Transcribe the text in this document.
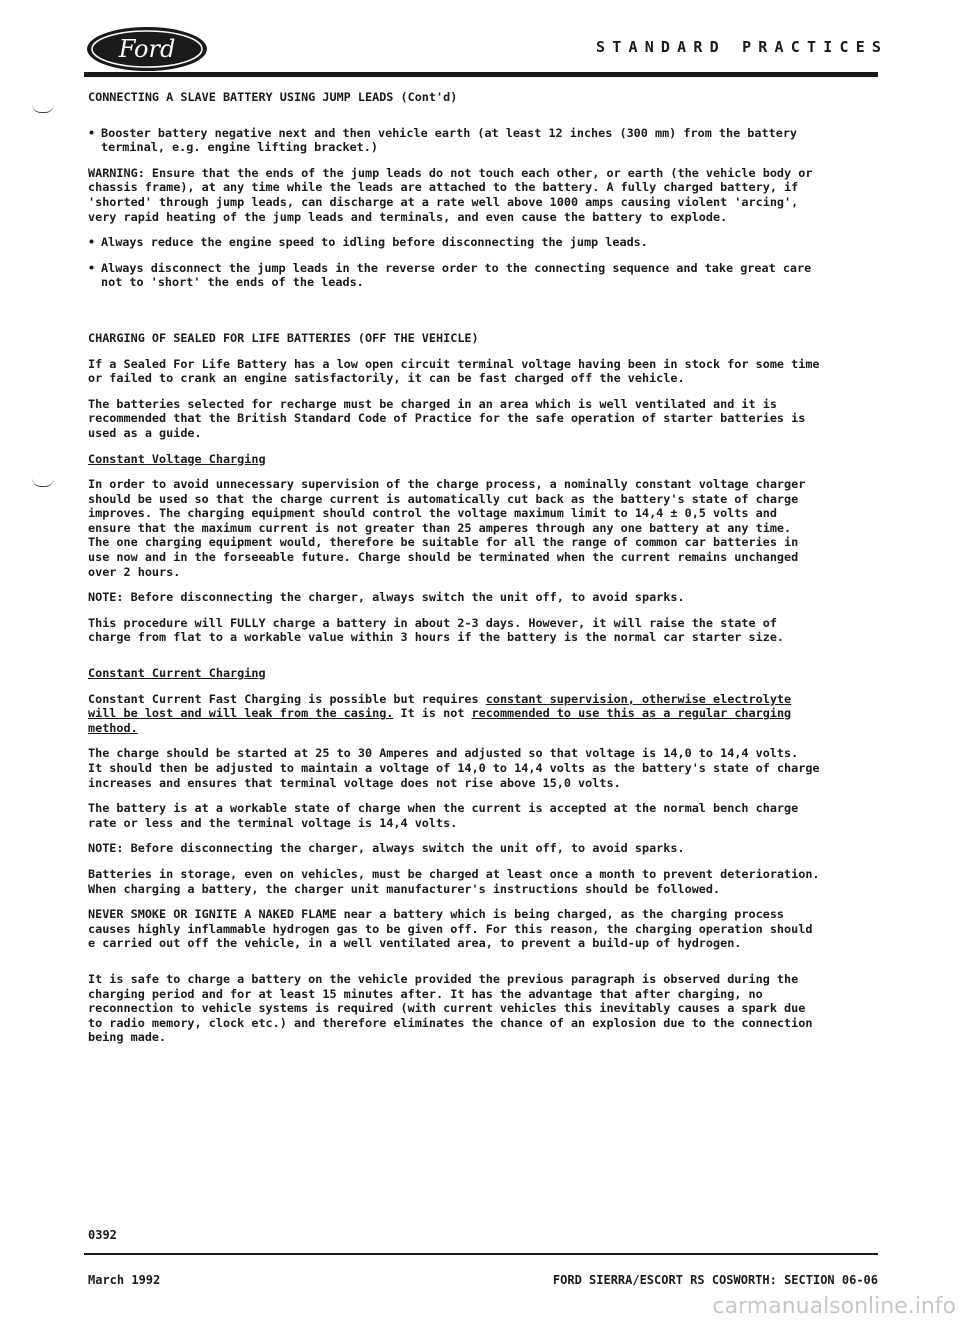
Ford	STANDARD PRACTICES

CONNECTING A SLAVE BATTERY USING JUMP LEADS (Cont'd)

• Booster battery negative next and then vehicle earth (at least 12 inches (300 mm) from the battery
terminal, e.g. engine lifting bracket.)

WARNING: Ensure that the ends of the jump leads do not touch each other, or earth (the vehicle body or
chassis frame), at any time while the leads are attached to the battery. A fully charged battery, if
'shorted' through jump leads, can discharge at a rate well above 1000 amps causing violent 'arcing',
very rapid heating of the jump leads and terminals, and even cause the battery to explode.

• Always reduce the engine speed to idling before disconnecting the jump leads.

• Always disconnect the jump leads in the reverse order to the connecting sequence and take great care
not to 'short' the ends of the leads.

CHARGING OF SEALED FOR LIFE BATTERIES (OFF THE VEHICLE)

If a Sealed For Life Battery has a low open circuit terminal voltage having been in stock for some time
or failed to crank an engine satisfactorily, it can be fast charged off the vehicle.

The batteries selected for recharge must be charged in an area which is well ventilated and it is
recommended that the British Standard Code of Practice for the safe operation of starter batteries is
used as a guide.

Constant Voltage Charging

In order to avoid unnecessary supervision of the charge process, a nominally constant voltage charger
should be used so that the charge current is automatically cut back as the battery's state of charge
improves. The charging equipment should control the voltage maximum limit to 14,4 ± 0,5 volts and
ensure that the maximum current is not greater than 25 amperes through any one battery at any time.
The one charging equipment would, therefore be suitable for all the range of common car batteries in
use now and in the forseeable future. Charge should be terminated when the current remains unchanged
over 2 hours.

NOTE: Before disconnecting the charger, always switch the unit off, to avoid sparks.

This procedure will FULLY charge a battery in about 2-3 days. However, it will raise the state of
charge from flat to a workable value within 3 hours if the battery is the normal car starter size.

Constant Current Charging

Constant Current Fast Charging is possible but requires constant supervision, otherwise electrolyte
will be lost and will leak from the casing. It is not recommended to use this as a regular charging
method.

The charge should be started at 25 to 30 Amperes and adjusted so that voltage is 14,0 to 14,4 volts.
It should then be adjusted to maintain a voltage of 14,0 to 14,4 volts as the battery's state of charge
increases and ensures that terminal voltage does not rise above 15,0 volts.

The battery is at a workable state of charge when the current is accepted at the normal bench charge
rate or less and the terminal voltage is 14,4 volts.

NOTE: Before disconnecting the charger, always switch the unit off, to avoid sparks.

Batteries in storage, even on vehicles, must be charged at least once a month to prevent deterioration.
When charging a battery, the charger unit manufacturer's instructions should be followed.

NEVER SMOKE OR IGNITE A NAKED FLAME near a battery which is being charged, as the charging process
causes highly inflammable hydrogen gas to be given off. For this reason, the charging operation should
e carried out off the vehicle, in a well ventilated area, to prevent a build-up of hydrogen.

It is safe to charge a battery on the vehicle provided the previous paragraph is observed during the
charging period and for at least 15 minutes after. It has the advantage that after charging, no
reconnection to vehicle systems is required (with current vehicles this inevitably causes a spark due
to radio memory, clock etc.) and therefore eliminates the chance of an explosion due to the connection
being made.

0392
March 1992	FORD SIERRA/ESCORT RS COSWORTH: SECTION 06-06
carmanualsonline.info
